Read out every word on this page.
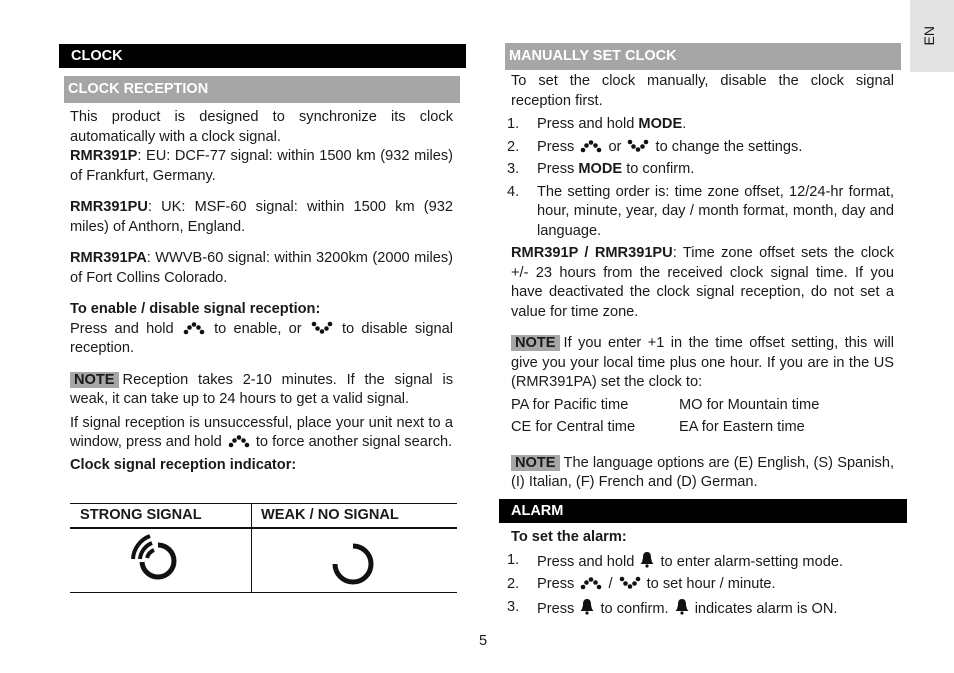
EN
CLOCK
CLOCK RECEPTION

This product is designed to synchronize its clock automatically with a clock signal.

RMR391P: EU: DCF-77 signal: within 1500 km (932 miles) of Frankfurt, Germany.

RMR391PU: UK: MSF-60 signal: within 1500 km (932 miles) of Anthorn, England.

RMR391PA: WWVB-60 signal: within 3200km (2000 miles) of Fort Collins Colorado.

To enable / disable signal reception:

Press and hold	to enable, or	to disable signal reception.

NOTE Reception takes 2-10 minutes. If the signal is weak, it can take up to 24 hours to get a valid signal.

If signal reception is unsuccessful, place your unit next to a window, press and hold to force another signal search.

Clock signal reception indicator:

STRONG SIGNAL	WEAK / NO SIGNAL
MANUALLY SET CLOCK

To set the clock manually, disable the clock signal reception first.

1. Press and hold MODE.

2. Press or to change the settings.

3. Press MODE to confirm.

4. The setting order is: time zone offset, 12/24-hr format, hour, minute, year, day / month format, month, day and language.

RMR391P / RMR391PU: Time zone offset sets the clock +/- 23 hours from the received clock signal time. If you have deactivated the clock signal reception, do not set a value for time zone.

NOTE If you enter +1 in the time offset setting, this will give you your local time plus one hour. If you are in the US (RMR391PA) set the clock to:

PA for Pacific time	MO for Mountain time
CE for Central time	EA for Eastern time

NOTE The language options are (E) English, (S) Spanish, (I) Italian, (F) French and (D) German.

ALARM

To set the alarm:

1. Press and hold to enter alarm-setting mode.

2. Press / to set hour / minute.

3. Press to confirm. indicates alarm is ON.

5
